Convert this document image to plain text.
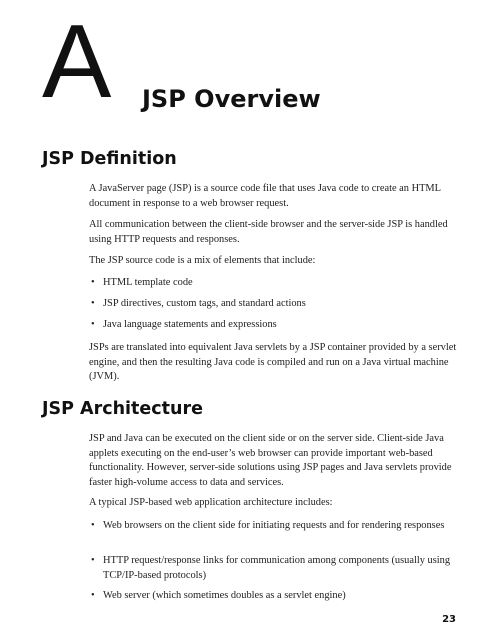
A JSP Overview
JSP Definition

A JavaServer page (JSP) is a source code file that uses Java code to create an HTML document in response to a web browser request.

All communication between the client-side browser and the server-side JSP is handled using HTTP requests and responses.

The JSP source code is a mix of elements that include:

• HTML template code
• JSP directives, custom tags, and standard actions
• Java language statements and expressions

JSPs are translated into equivalent Java servlets by a JSP container provided by a servlet engine, and then the resulting Java code is compiled and run on a Java virtual machine (JVM).

JSP Architecture

JSP and Java can be executed on the client side or on the server side. Client-side Java applets executing on the end-user’s web browser can provide important web-based functionality. However, server-side solutions using JSP pages and Java servlets provide faster high-volume access to data and services.

A typical JSP-based web application architecture includes:

• Web browsers on the client side for initiating requests and for rendering responses
• HTTP request/response links for communication among components (usually using TCP/IP-based protocols)
• Web server (which sometimes doubles as a servlet engine)
23
